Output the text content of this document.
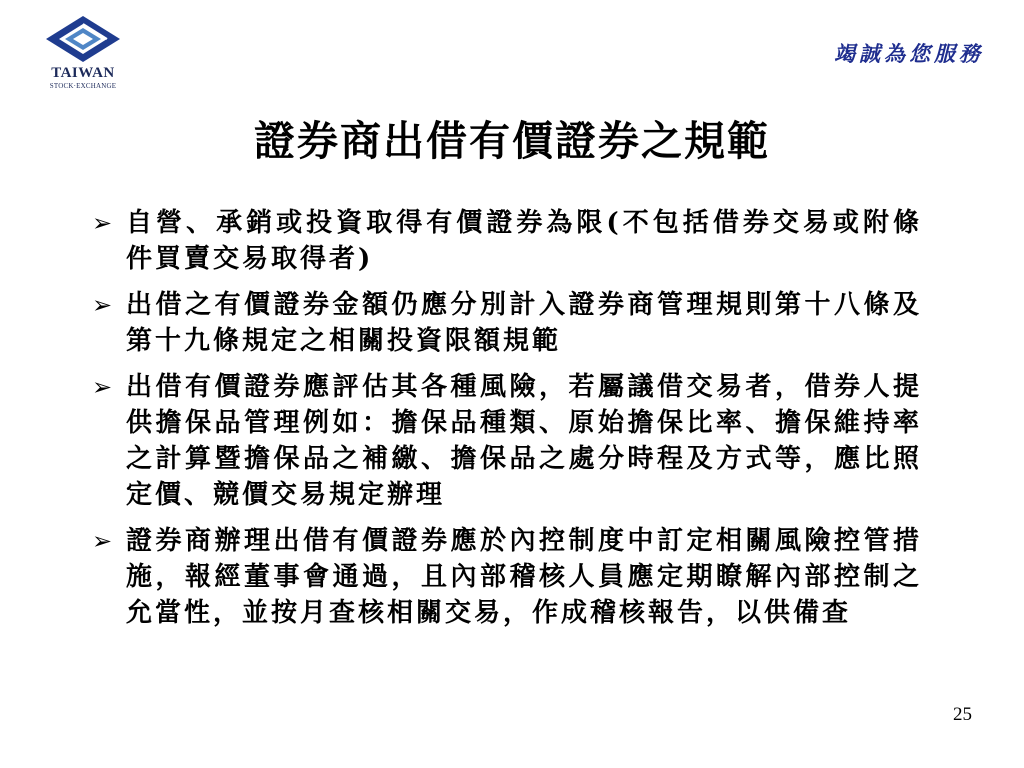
TAIWAN
STOCK·EXCHANGE
竭誠為您服務
證券商出借有價證券之規範
➢ 自營、承銷或投資取得有價證券為限(不包括借券交易或附條件買賣交易取得者)
➢ 出借之有價證券金額仍應分別計入證券商管理規則第十八條及第十九條規定之相關投資限額規範
➢ 出借有價證券應評估其各種風險，若屬議借交易者，借券人提供擔保品管理例如：擔保品種類、原始擔保比率、擔保維持率之計算暨擔保品之補繳、擔保品之處分時程及方式等，應比照定價、競價交易規定辦理
➢ 證券商辦理出借有價證券應於內控制度中訂定相關風險控管措施，報經董事會通過，且內部稽核人員應定期瞭解內部控制之允當性，並按月查核相關交易，作成稽核報告，以供備查
25
